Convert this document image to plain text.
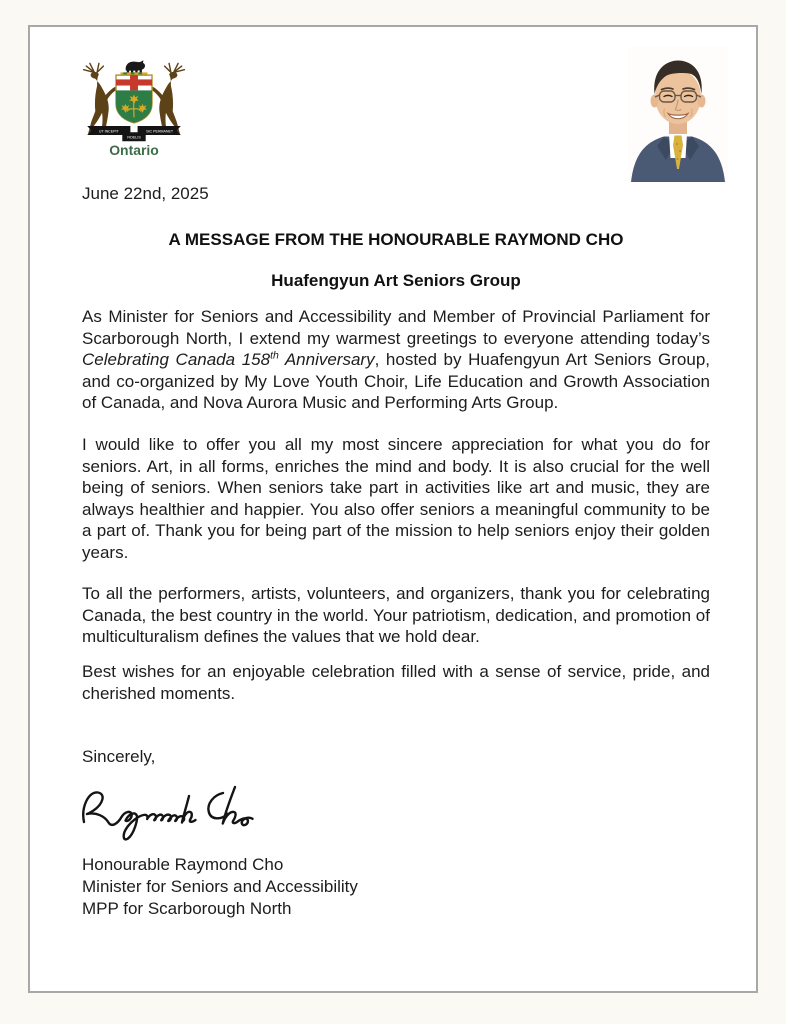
UT INCEPIT	SIC PERMANET
FIDELIS
Ontario
June 22nd, 2025
A MESSAGE FROM THE HONOURABLE RAYMOND CHO
Huafengyun Art Seniors Group

As Minister for Seniors and Accessibility and Member of Provincial Parliament for Scarborough North, I extend my warmest greetings to everyone attending today’s Celebrating Canada 158th Anniversary, hosted by Huafengyun Art Seniors Group, and co-organized by My Love Youth Choir, Life Education and Growth Association of Canada, and Nova Aurora Music and Performing Arts Group.

I would like to offer you all my most sincere appreciation for what you do for seniors. Art, in all forms, enriches the mind and body. It is also crucial for the well being of seniors. When seniors take part in activities like art and music, they are always healthier and happier. You also offer seniors a meaningful community to be a part of. Thank you for being part of the mission to help seniors enjoy their golden years.

To all the performers, artists, volunteers, and organizers, thank you for celebrating Canada, the best country in the world. Your patriotism, dedication, and promotion of multiculturalism defines the values that we hold dear.

Best wishes for an enjoyable celebration filled with a sense of service, pride, and cherished moments.

Sincerely,
Honourable Raymond Cho
Minister for Seniors and Accessibility
MPP for Scarborough North
